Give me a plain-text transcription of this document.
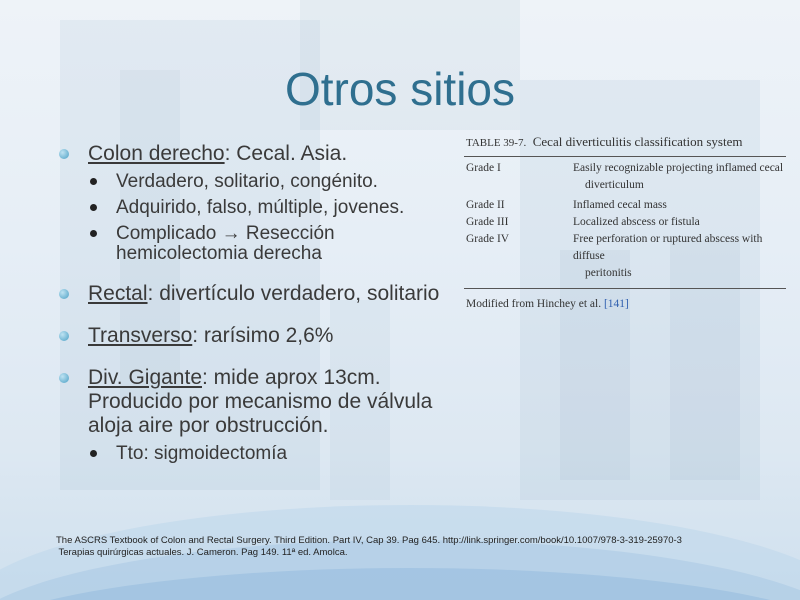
Otros sitios
Colon derecho: Cecal. Asia.
Verdadero, solitario, congénito.
Adquirido, falso, múltiple, jovenes.
Complicado → Resección
hemicolectomia derecha
Rectal: divertículo verdadero, solitario
Transverso: rarísimo 2,6%
Div. Gigante: mide aprox 13cm.
Producido por mecanismo de válvula
aloja aire por obstrucción.
Tto: sigmoidectomía
TABLE 39-7.  Cecal diverticulitis classification system
Grade I	Easily recognizable projecting inflamed cecal
diverticulum
Grade II	Inflamed cecal mass
Grade III	Localized abscess or fistula
Grade IV	Free perforation or ruptured abscess with diffuse
peritonitis
Modified from Hinchey et al. [141]
The ASCRS Textbook of Colon and Rectal Surgery. Third Edition. Part IV, Cap 39. Pag 645. http://link.springer.com/book/10.1007/978-3-319-25970-3
Terapias quirúrgicas actuales. J. Cameron. Pag 149. 11ª ed. Amolca.
